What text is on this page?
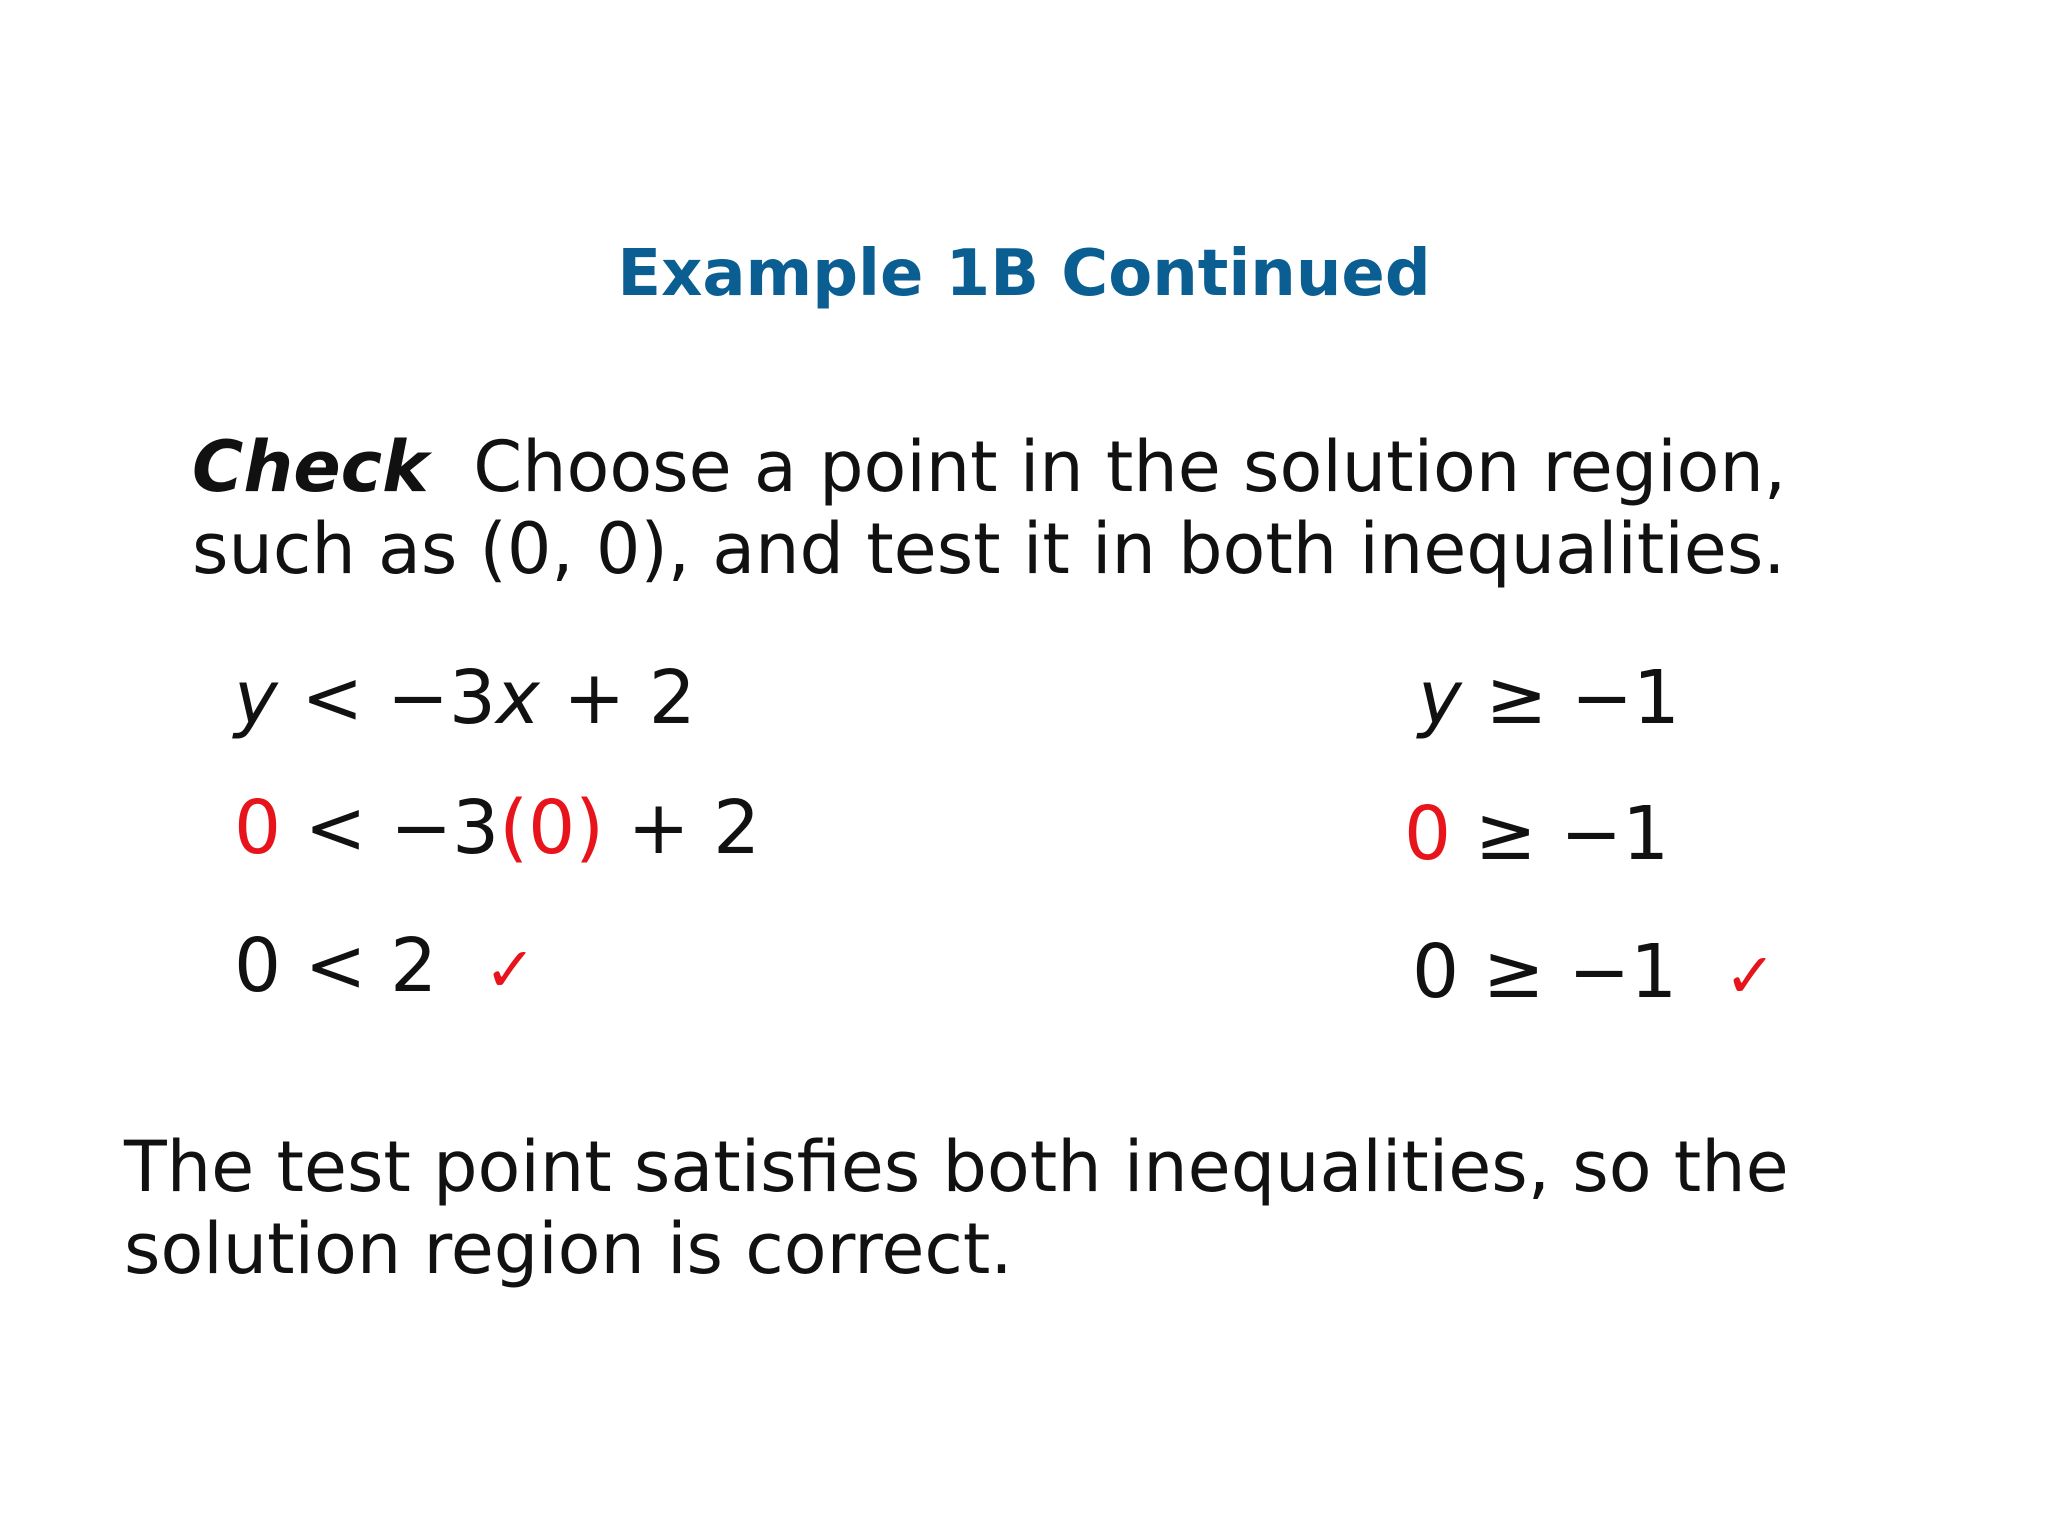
Example 1B Continued
Check Choose a point in the solution region,
such as (0, 0), and test it in both inequalities.
y < −3x + 2
0 < −3(0) + 2
0 < 2 ✓
y ≥ −1
0 ≥ −1
0 ≥ −1 ✓
The test point satisfies both inequalities, so the
solution region is correct.
